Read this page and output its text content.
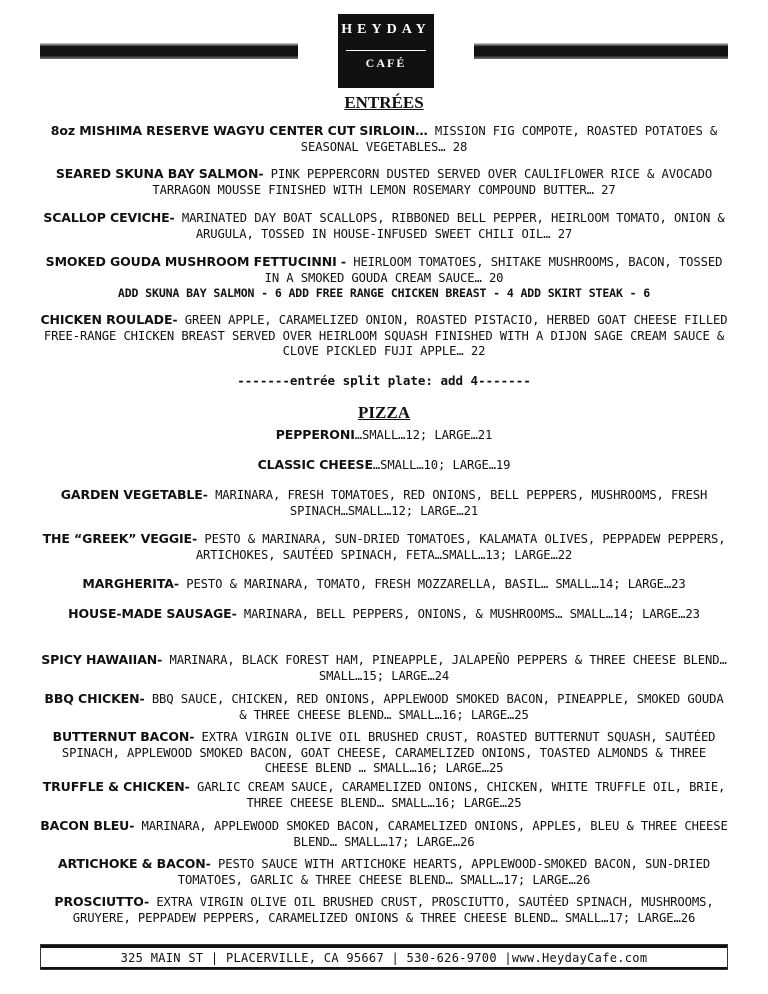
HEYDAY
CAFÉ
ENTRÉES
8oz MISHIMA RESERVE WAGYU CENTER CUT SIRLOIN… MISSION FIG COMPOTE, ROASTED POTATOES & SEASONAL VEGETABLES… 28
SEARED SKUNA BAY SALMON- PINK PEPPERCORN DUSTED SERVED OVER CAULIFLOWER RICE & AVOCADO TARRAGON MOUSSE FINISHED WITH LEMON ROSEMARY COMPOUND BUTTER… 27
SCALLOP CEVICHE- MARINATED DAY BOAT SCALLOPS, RIBBONED BELL PEPPER, HEIRLOOM TOMATO, ONION & ARUGULA, TOSSED IN HOUSE-INFUSED SWEET CHILI OIL… 27
SMOKED GOUDA MUSHROOM FETTUCINNI - HEIRLOOM TOMATOES, SHITAKE MUSHROOMS, BACON, TOSSED IN A SMOKED GOUDA CREAM SAUCE… 20
ADD SKUNA BAY SALMON - 6 ADD FREE RANGE CHICKEN BREAST - 4 ADD SKIRT STEAK - 6
CHICKEN ROULADE- GREEN APPLE, CARAMELIZED ONION, ROASTED PISTACIO, HERBED GOAT CHEESE FILLED FREE-RANGE CHICKEN BREAST SERVED OVER HEIRLOOM SQUASH FINISHED WITH A DIJON SAGE CREAM SAUCE & CLOVE PICKLED FUJI APPLE… 22
-------entrée split plate: add 4-------
PIZZA
PEPPERONI…SMALL…12; LARGE…21
CLASSIC CHEESE…SMALL…10; LARGE…19
GARDEN VEGETABLE- MARINARA, FRESH TOMATOES, RED ONIONS, BELL PEPPERS, MUSHROOMS, FRESH SPINACH…SMALL…12; LARGE…21
THE “GREEK” VEGGIE- PESTO & MARINARA, SUN-DRIED TOMATOES, KALAMATA OLIVES, PEPPADEW PEPPERS, ARTICHOKES, SAUTÉED SPINACH, FETA…SMALL…13; LARGE…22
MARGHERITA- PESTO & MARINARA, TOMATO, FRESH MOZZARELLA, BASIL… SMALL…14; LARGE…23
HOUSE-MADE SAUSAGE- MARINARA, BELL PEPPERS, ONIONS, & MUSHROOMS… SMALL…14; LARGE…23
SPICY HAWAIIAN- MARINARA, BLACK FOREST HAM, PINEAPPLE, JALAPEÑO PEPPERS & THREE CHEESE BLEND… SMALL…15; LARGE…24
BBQ CHICKEN- BBQ SAUCE, CHICKEN, RED ONIONS, APPLEWOOD SMOKED BACON, PINEAPPLE, SMOKED GOUDA & THREE CHEESE BLEND… SMALL…16; LARGE…25
BUTTERNUT BACON- EXTRA VIRGIN OLIVE OIL BRUSHED CRUST, ROASTED BUTTERNUT SQUASH, SAUTÉED SPINACH, APPLEWOOD SMOKED BACON, GOAT CHEESE, CARAMELIZED ONIONS, TOASTED ALMONDS & THREE CHEESE BLEND … SMALL…16; LARGE…25
TRUFFLE & CHICKEN- GARLIC CREAM SAUCE, CARAMELIZED ONIONS, CHICKEN, WHITE TRUFFLE OIL, BRIE, THREE CHEESE BLEND… SMALL…16; LARGE…25
BACON BLEU- MARINARA, APPLEWOOD SMOKED BACON, CARAMELIZED ONIONS, APPLES, BLEU & THREE CHEESE BLEND… SMALL…17; LARGE…26
ARTICHOKE & BACON- PESTO SAUCE WITH ARTICHOKE HEARTS, APPLEWOOD-SMOKED BACON, SUN-DRIED TOMATOES, GARLIC & THREE CHEESE BLEND… SMALL…17; LARGE…26
PROSCIUTTO- EXTRA VIRGIN OLIVE OIL BRUSHED CRUST, PROSCIUTTO, SAUTÉED SPINACH, MUSHROOMS, GRUYERE, PEPPADEW PEPPERS, CARAMELIZED ONIONS & THREE CHEESE BLEND… SMALL…17; LARGE…26
325 MAIN ST | PLACERVILLE, CA 95667 | 530-626-9700 |www.HeydayCafe.com
